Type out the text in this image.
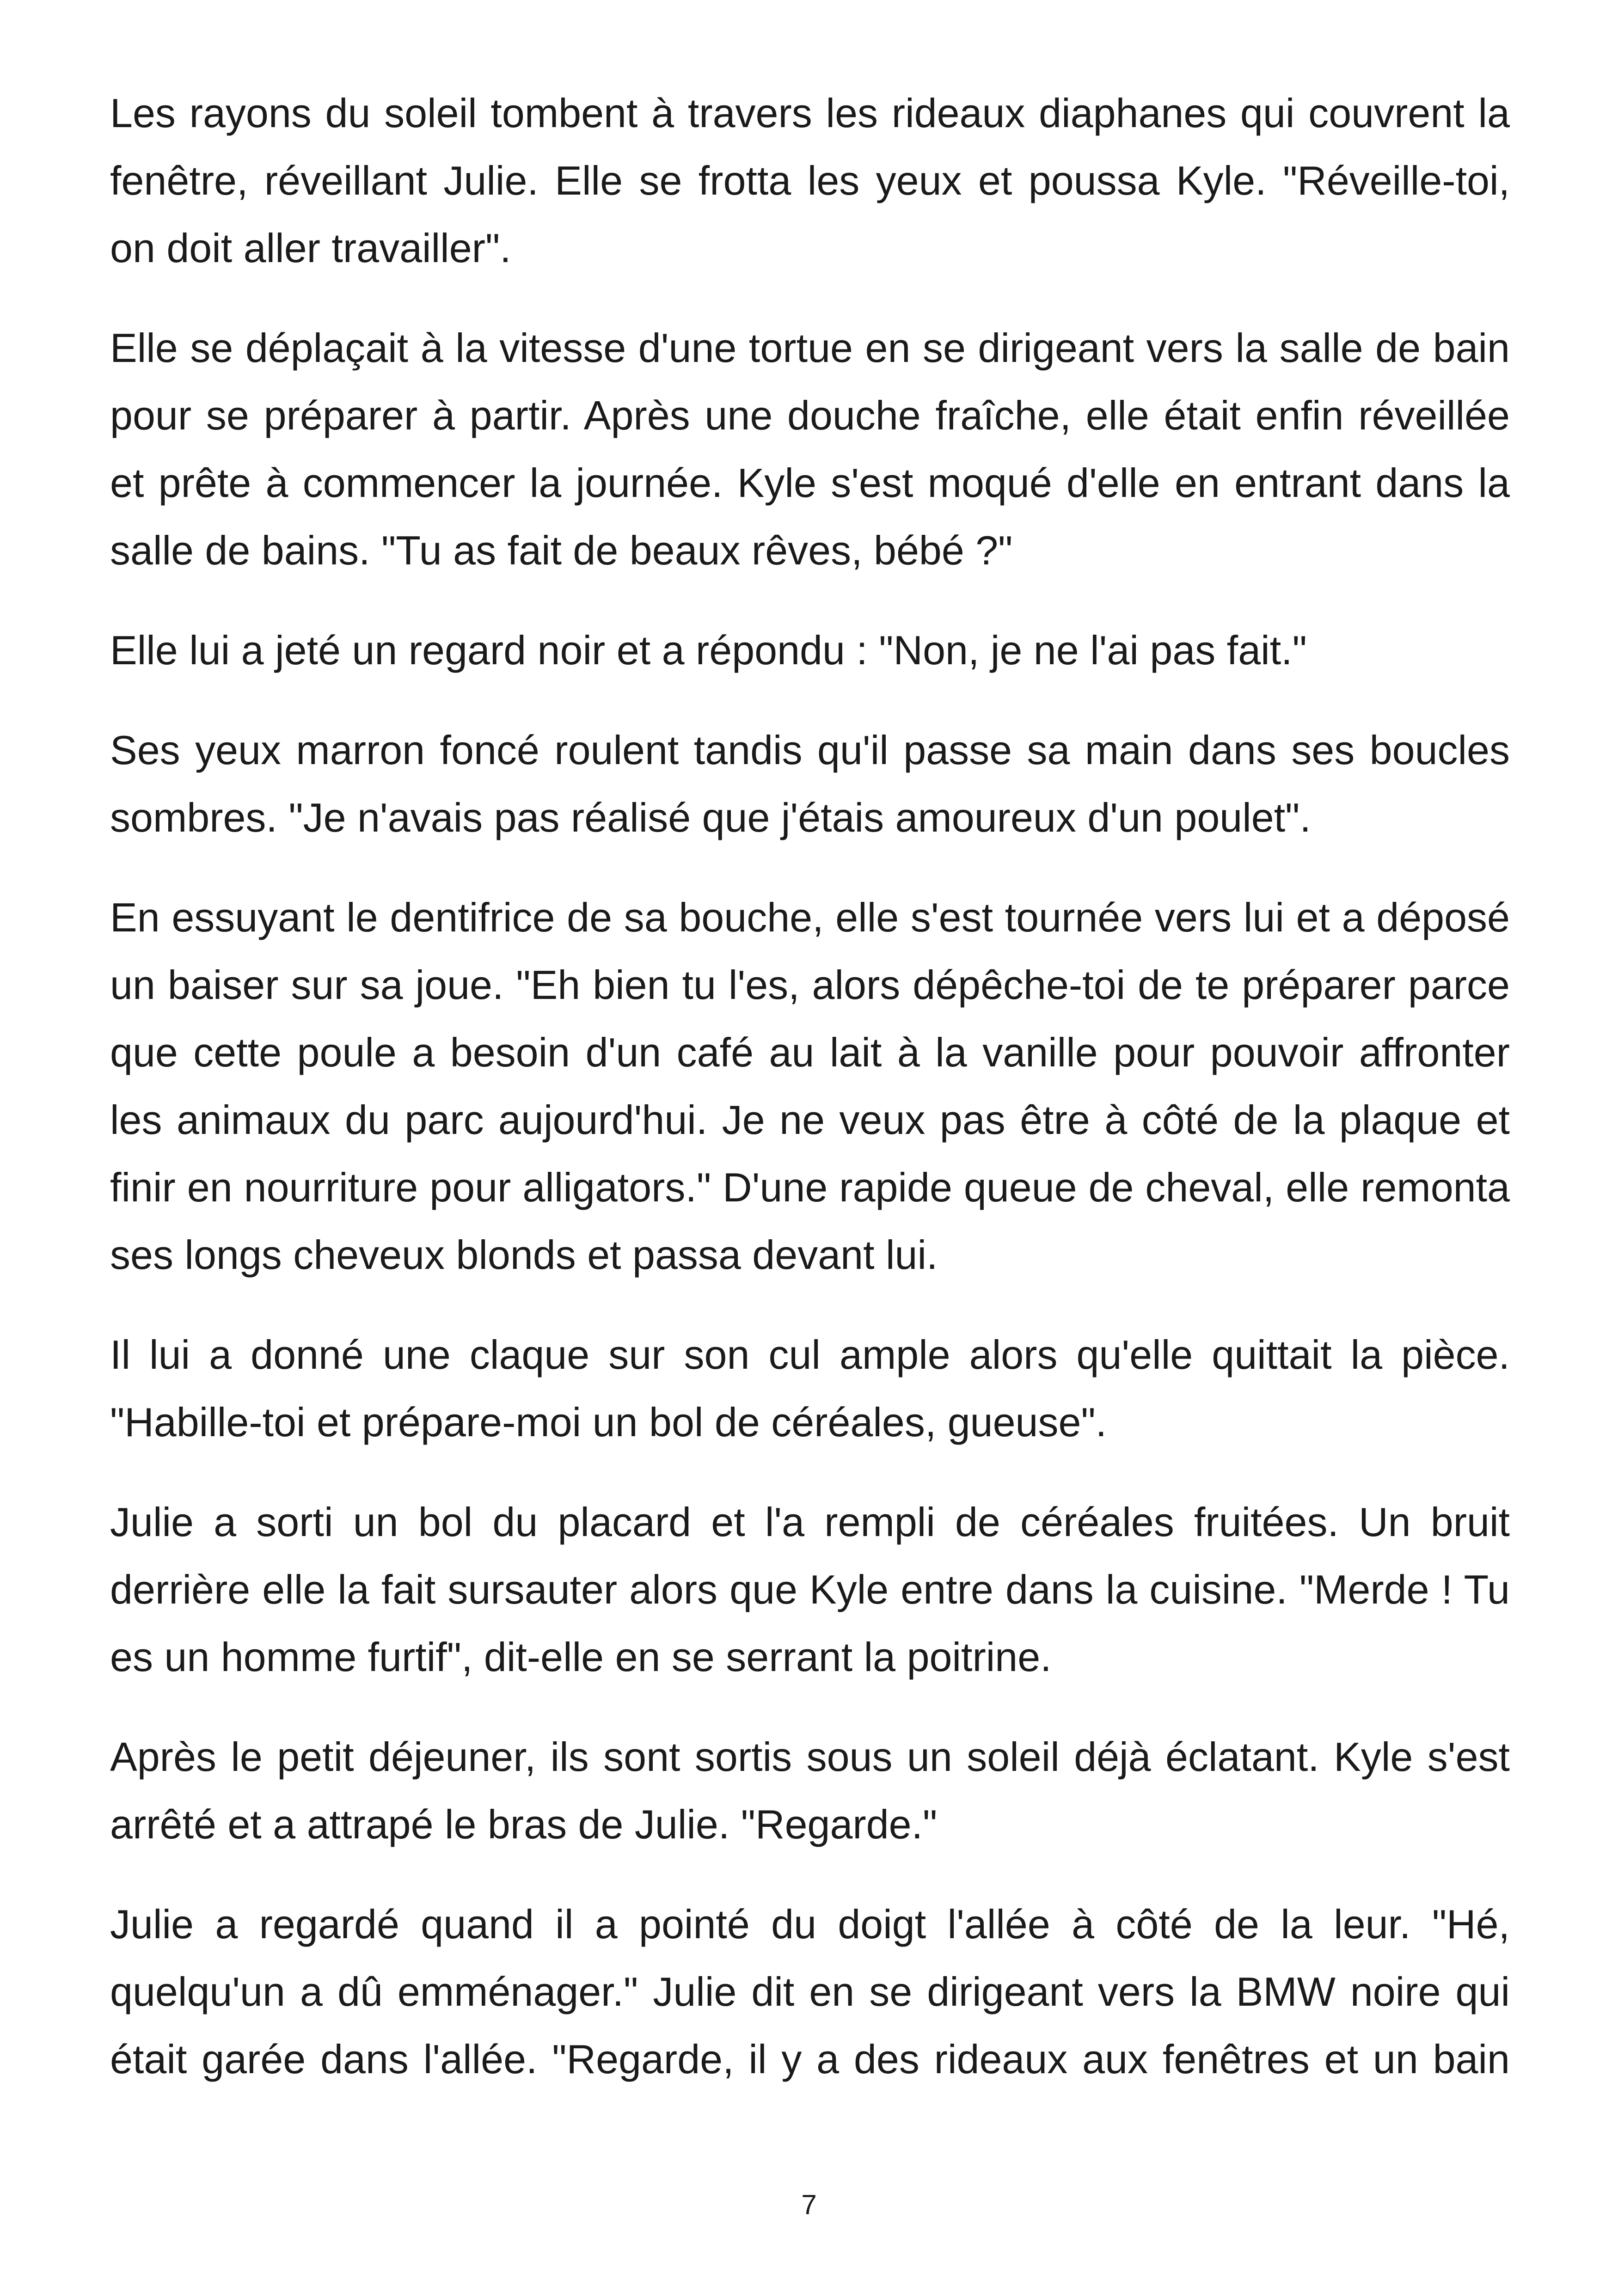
Les rayons du soleil tombent à travers les rideaux diaphanes qui couvrent la fenêtre, réveillant Julie. Elle se frotta les yeux et poussa Kyle. "Réveille-toi, on doit aller travailler".

Elle se déplaçait à la vitesse d'une tortue en se dirigeant vers la salle de bain pour se préparer à partir. Après une douche fraîche, elle était enfin réveillée et prête à commencer la journée. Kyle s'est moqué d'elle en entrant dans la salle de bains. "Tu as fait de beaux rêves, bébé ?"

Elle lui a jeté un regard noir et a répondu : "Non, je ne l'ai pas fait."

Ses yeux marron foncé roulent tandis qu'il passe sa main dans ses boucles sombres. "Je n'avais pas réalisé que j'étais amoureux d'un poulet".

En essuyant le dentifrice de sa bouche, elle s'est tournée vers lui et a déposé un baiser sur sa joue. "Eh bien tu l'es, alors dépêche-toi de te préparer parce que cette poule a besoin d'un café au lait à la vanille pour pouvoir affronter les animaux du parc aujourd'hui. Je ne veux pas être à côté de la plaque et finir en nourriture pour alligators." D'une rapide queue de cheval, elle remonta ses longs cheveux blonds et passa devant lui.

Il lui a donné une claque sur son cul ample alors qu'elle quittait la pièce. "Habille-toi et prépare-moi un bol de céréales, gueuse".

Julie a sorti un bol du placard et l'a rempli de céréales fruitées. Un bruit derrière elle la fait sursauter alors que Kyle entre dans la cuisine. "Merde ! Tu es un homme furtif", dit-elle en se serrant la poitrine.

Après le petit déjeuner, ils sont sortis sous un soleil déjà éclatant. Kyle s'est arrêté et a attrapé le bras de Julie. "Regarde."

Julie a regardé quand il a pointé du doigt l'allée à côté de la leur. "Hé, quelqu'un a dû emménager." Julie dit en se dirigeant vers la BMW noire qui était garée dans l'allée. "Regarde, il y a des rideaux aux fenêtres et un bain

7
